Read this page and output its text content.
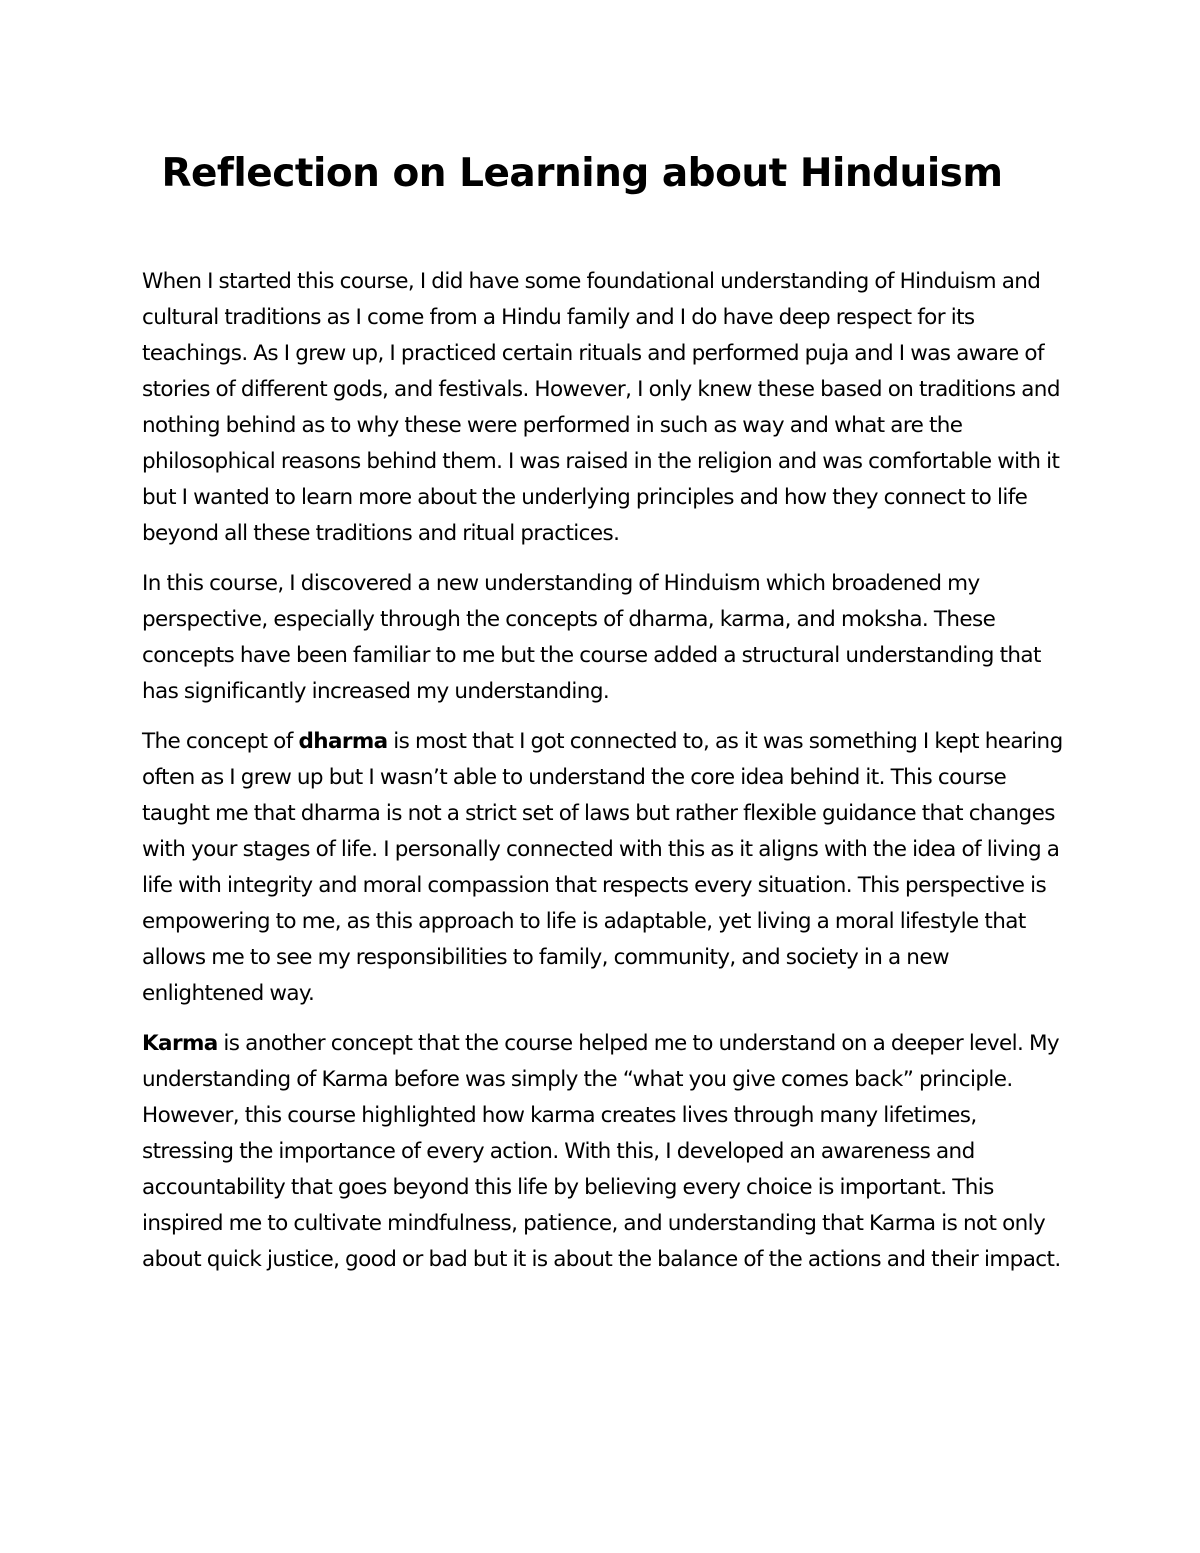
Reflection on Learning about Hinduism

When I started this course, I did have some foundational understanding of Hinduism and cultural traditions as I come from a Hindu family and I do have deep respect for its teachings. As I grew up, I practiced certain rituals and performed puja and I was aware of stories of different gods, and festivals. However, I only knew these based on traditions and nothing behind as to why these were performed in such as way and what are the philosophical reasons behind them. I was raised in the religion and was comfortable with it but I wanted to learn more about the underlying principles and how they connect to life beyond all these traditions and ritual practices.

In this course, I discovered a new understanding of Hinduism which broadened my perspective, especially through the concepts of dharma, karma, and moksha. These concepts have been familiar to me but the course added a structural understanding that has significantly increased my understanding.

The concept of dharma is most that I got connected to, as it was something I kept hearing often as I grew up but I wasn’t able to understand the core idea behind it. This course taught me that dharma is not a strict set of laws but rather flexible guidance that changes with your stages of life. I personally connected with this as it aligns with the idea of living a life with integrity and moral compassion that respects every situation. This perspective is empowering to me, as this approach to life is adaptable, yet living a moral lifestyle that allows me to see my responsibilities to family, community, and society in a new enlightened way.

Karma is another concept that the course helped me to understand on a deeper level. My understanding of Karma before was simply the “what you give comes back” principle. However, this course highlighted how karma creates lives through many lifetimes, stressing the importance of every action. With this, I developed an awareness and accountability that goes beyond this life by believing every choice is important. This inspired me to cultivate mindfulness, patience, and understanding that Karma is not only about quick justice, good or bad but it is about the balance of the actions and their impact.
